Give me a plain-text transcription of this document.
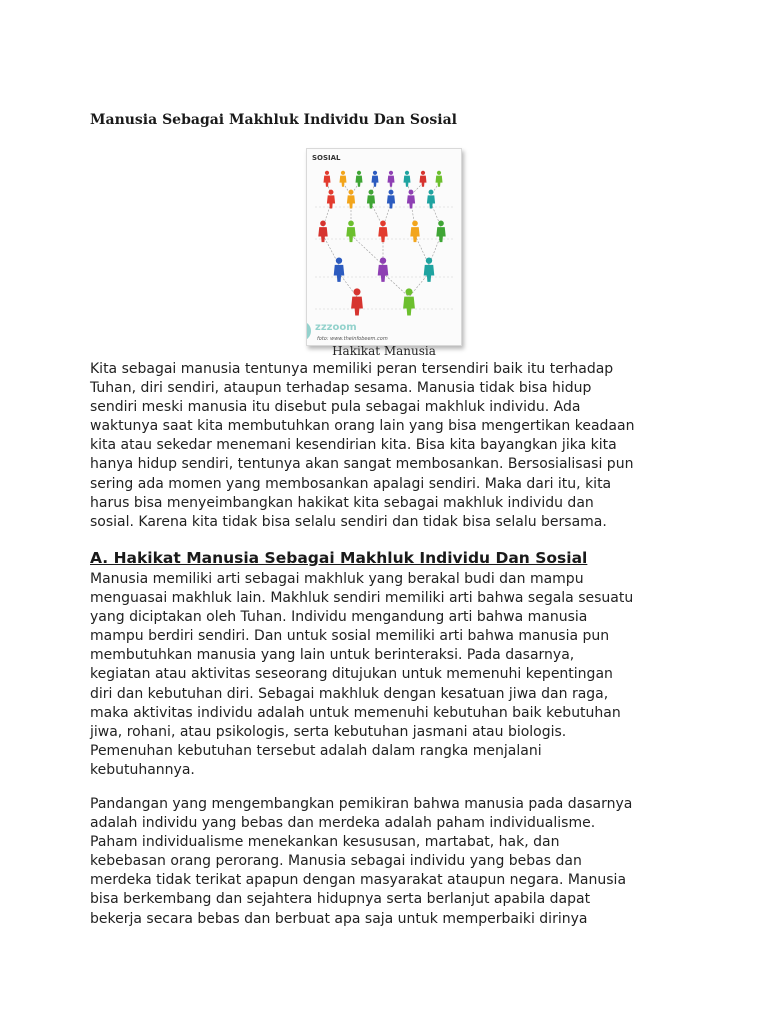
Manusia Sebagai Makhluk Individu Dan Sosial
SOSIAL
zzzoom
foto: www.theinfobeem.com
Hakikat Manusia

Kita sebagai manusia tentunya memiliki peran tersendiri baik itu terhadap
Tuhan, diri sendiri, ataupun terhadap sesama. Manusia tidak bisa hidup
sendiri meski manusia itu disebut pula sebagai makhluk individu. Ada
waktunya saat kita membutuhkan orang lain yang bisa mengertikan keadaan
kita atau sekedar menemani kesendirian kita. Bisa kita bayangkan jika kita
hanya hidup sendiri, tentunya akan sangat membosankan. Bersosialisasi pun
sering ada momen yang membosankan apalagi sendiri. Maka dari itu, kita
harus bisa menyeimbangkan hakikat kita sebagai makhluk individu dan
sosial. Karena kita tidak bisa selalu sendiri dan tidak bisa selalu bersama.

A. Hakikat Manusia Sebagai Makhluk Individu Dan Sosial

Manusia memiliki arti sebagai makhluk yang berakal budi dan mampu
menguasai makhluk lain. Makhluk sendiri memiliki arti bahwa segala sesuatu
yang diciptakan oleh Tuhan. Individu mengandung arti bahwa manusia
mampu berdiri sendiri. Dan untuk sosial memiliki arti bahwa manusia pun
membutuhkan manusia yang lain untuk berinteraksi. Pada dasarnya,
kegiatan atau aktivitas seseorang ditujukan untuk memenuhi kepentingan
diri dan kebutuhan diri. Sebagai makhluk dengan kesatuan jiwa dan raga,
maka aktivitas individu adalah untuk memenuhi kebutuhan baik kebutuhan
jiwa, rohani, atau psikologis, serta kebutuhan jasmani atau biologis.
Pemenuhan kebutuhan tersebut adalah dalam rangka menjalani
kebutuhannya.

Pandangan yang mengembangkan pemikiran bahwa manusia pada dasarnya
adalah individu yang bebas dan merdeka adalah paham individualisme.
Paham individualisme menekankan kesususan, martabat, hak, dan
kebebasan orang perorang. Manusia sebagai individu yang bebas dan
merdeka tidak terikat apapun dengan masyarakat ataupun negara. Manusia
bisa berkembang dan sejahtera hidupnya serta berlanjut apabila dapat
bekerja secara bebas dan berbuat apa saja untuk memperbaiki dirinya
